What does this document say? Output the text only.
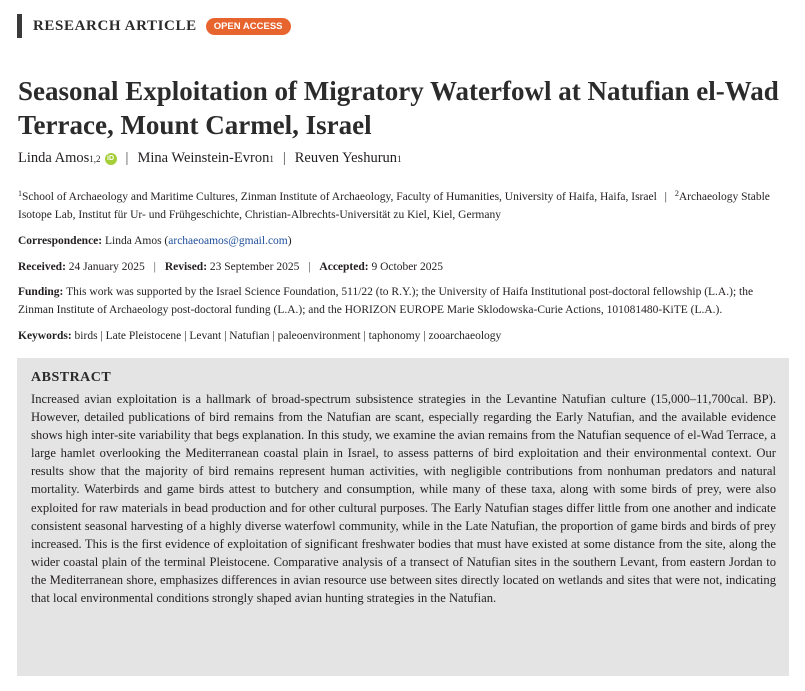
RESEARCH ARTICLE	OPEN ACCESS
Seasonal Exploitation of Migratory Waterfowl at Natufian el-Wad Terrace, Mount Carmel, Israel
Linda Amos 1,2 iD | Mina Weinstein-Evron 1 | Reuven Yeshurun 1
$^1$School of Archaeology and Maritime Cultures, Zinman Institute of Archaeology, Faculty of Humanities, University of Haifa, Haifa, Israel | $^2$Archaeology Stable Isotope Lab, Institut für Ur- und Frühgeschichte, Christian-Albrechts-Universität zu Kiel, Kiel, Germany
Correspondence: Linda Amos (archaeoamos@gmail.com)
Received: 24 January 2025 | Revised: 23 September 2025 | Accepted: 9 October 2025
Funding: This work was supported by the Israel Science Foundation, 511/22 (to R.Y.); the University of Haifa Institutional post-doctoral fellowship (L.A.); the Zinman Institute of Archaeology post-doctoral funding (L.A.); and the HORIZON EUROPE Marie Sklodowska-Curie Actions, 101081480-KiTE (L.A.).
Keywords: birds | Late Pleistocene | Levant | Natufian | paleoenvironment | taphonomy | zooarchaeology
ABSTRACT
Increased avian exploitation is a hallmark of broad-spectrum subsistence strategies in the Levantine Natufian culture (15,000–11,700cal. BP). However, detailed publications of bird remains from the Natufian are scant, especially regarding the Early Natufian, and the available evidence shows high inter-site variability that begs explanation. In this study, we examine the avian remains from the Natufian sequence of el-Wad Terrace, a large hamlet overlooking the Mediterranean coastal plain in Israel, to assess patterns of bird exploitation and their environmental context. Our results show that the majority of bird remains represent human activities, with negligible contributions from nonhuman predators and natural mortality. Waterbirds and game birds attest to butchery and consumption, while many of these taxa, along with some birds of prey, were also exploited for raw materials in bead production and for other cultural purposes. The Early Natufian stages differ little from one another and indicate consistent seasonal harvesting of a highly diverse waterfowl community, while in the Late Natufian, the proportion of game birds and birds of prey increased. This is the first evidence of exploitation of significant freshwater bodies that must have existed at some distance from the site, along the wider coastal plain of the terminal Pleistocene. Comparative analysis of a transect of Natufian sites in the southern Levant, from eastern Jordan to the Mediterranean shore, emphasizes differences in avian resource use between sites directly located on wetlands and sites that were not, indicating that local environmental conditions strongly shaped avian hunting strategies in the Natufian.
